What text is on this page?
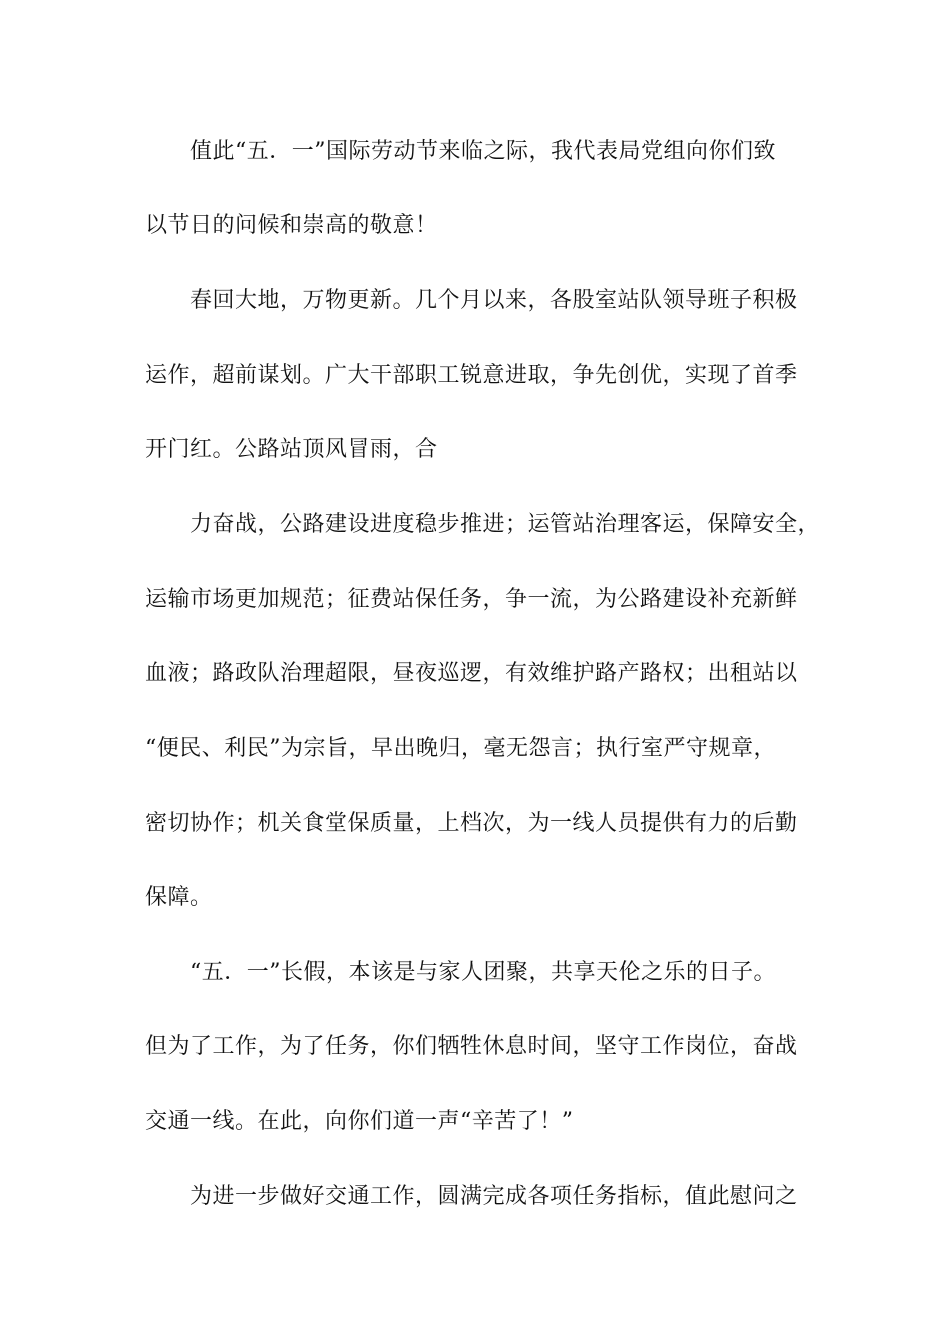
值此“五．一”国际劳动节来临之际，我代表局党组向你们致
以节日的问候和崇高的敬意！
春回大地，万物更新。几个月以来，各股室站队领导班子积极
运作，超前谋划。广大干部职工锐意进取，争先创优，实现了首季
开门红。公路站顶风冒雨，合
力奋战，公路建设进度稳步推进；运管站治理客运，保障安全，
运输市场更加规范；征费站保任务，争一流，为公路建设补充新鲜
血液；路政队治理超限，昼夜巡逻，有效维护路产路权；出租站以
“便民、利民”为宗旨，早出晚归，毫无怨言；执行室严守规章，
密切协作；机关食堂保质量，上档次，为一线人员提供有力的后勤
保障。
“五．一”长假，本该是与家人团聚，共享天伦之乐的日子。
但为了工作，为了任务，你们牺牲休息时间，坚守工作岗位，奋战
交通一线。在此，向你们道一声“辛苦了！”
为进一步做好交通工作，圆满完成各项任务指标，值此慰问之
